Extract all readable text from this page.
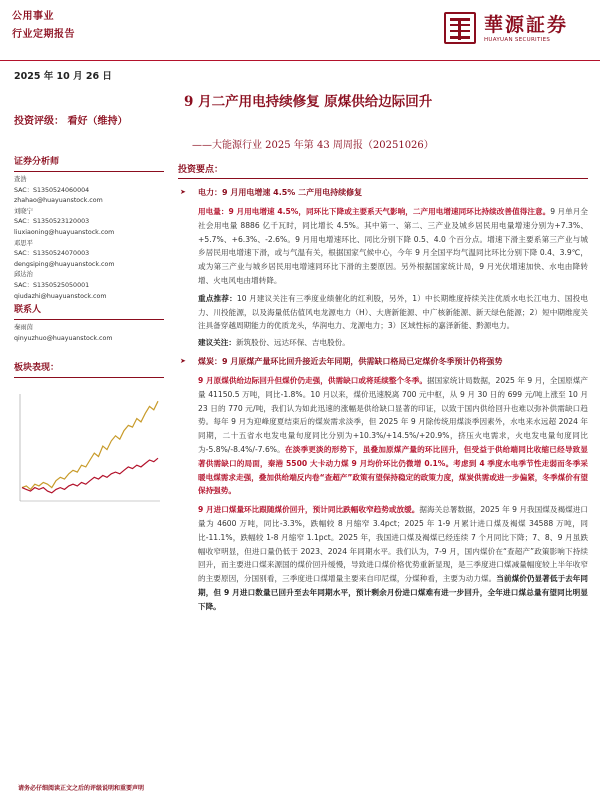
公用事业
行业定期报告	華源証券
HUAYUAN SECURITIES
2025 年 10 月 26 日
9 月二产用电持续修复 原煤供给边际回升
投资评级： 看好（维持）
——大能源行业 2025 年第 43 周周报（20251026）
证券分析师
查浩
SAC：S1350524060004
zhahao@huayuanstock.com
刘晓宁
SAC：S1350523120003
liuxiaoning@huayuanstock.com
邓思平
SAC：S1350524070003
dengsiping@huayuanstock.com
邱达治
SAC：S1350525050001
qiudazhi@huayuanstock.com
联系人
秦雨茵
qinyuzhuo@huayuanstock.com
板块表现：
投资要点：
➤ 电力：9 月用电增速 4.5% 二产用电持续修复
用电量：9 月用电增速 4.5%，同环比下降或主要系天气影响，二产用电增速同环比持续改善值得注意。9 月单月全社会用电量 8886 亿千瓦时，同比增长 4.5%。其中第一、第二、三产业及城乡居民用电量增速分别为+7.3%、+5.7%、+6.3%、-2.6%。9 月用电增速环比、同比分别下降 0.5、4.0 个百分点。增速下滑主要系第三产业与城乡居民用电增速下滑，或与气温有关，根据国家气候中心，今年 9 月全国平均气温同比环比分别下降 0.4、3.9℃，或为第三产业与城乡居民用电增速同环比下滑的主要原因。另外根据国家统计局，9 月光伏增速加快、水电由降转增、火电风电由增转降。
重点推荐：10 月建议关注有三季度业绩催化的红利股，另外，1）中长期维度持续关注优质水电长江电力、国投电力、川投能源，以及海量低估值风电龙源电力（H）、大唐新能源、中广核新能源、新天绿色能源；2）短中期维度关注具备穿越周期能力的优质龙头，华润电力、龙源电力；3）区域性标的嘉泽新能、黔源电力。
建议关注：新筑股份、远达环保、吉电股份。
➤ 煤炭：9 月原煤产量环比回升接近去年同期，供需缺口格局已定煤价冬季预计仍将强势
9 月原煤供给边际回升但煤价仍走强，供需缺口或将延续整个冬季。据国家统计局数据，2025 年 9 月，全国原煤产量 41150.5 万吨，同比-1.8%。10 月以来，煤价迅速脱离 700 元中枢，从 9 月 30 日的 699 元/吨上涨至 10 月 23 日的 770 元/吨，我们认为如此迅速的涨幅是供给缺口显著的印证，以致于国内供给回升也难以弥补供需缺口趋势。每年 9 月为迎峰度夏结束后的煤炭需求淡季，但 2025 年 9 月除传统用煤淡季因素外，水电来水远超 2024 年同期，二十五省水电发电量旬度同比分别为+10.3%/+14.5%/+20.9%，挤压火电需求，火电发电量旬度同比为-5.8%/-8.4%/-7.6%。在淡季更淡的形势下，虽叠加原煤产量的环比回升，但受益于供给端同比收缩已经导致显著供需缺口的局面，秦港 5500 大卡动力煤 9 月均价环比仍微增 0.1%。考虑到 4 季度水电季节性走弱而冬季采暖电煤需求走强，叠加供给端反内卷“查超产”政策有望保持稳定的政策力度，煤炭供需或进一步偏紧，冬季煤价有望保持强势。
9 月进口煤量环比跟随煤价回升，预计同比跌幅收窄趋势或放缓。据海关总署数据，2025 年 9 月我国煤及褐煤进口量为 4600 万吨，同比-3.3%，跌幅较 8 月缩窄 3.4pct；2025 年 1-9 月累计进口煤及褐煤 34588 万吨，同比-11.1%，跌幅较 1-8 月缩窄 1.1pct。2025 年，我国进口煤及褐煤已经连续 7 个月同比下降；7、8、9 月虽跌幅收窄明显，但进口量仍低于 2023、2024 年同期水平。我们认为，7-9 月，国内煤价在“查超产”政策影响下持续回升，而主要进口煤来源国的煤价回升缓慢，导致进口煤价格优势重新显现，是三季度进口煤减量幅度较上半年收窄的主要原因，分国别看，三季度进口煤增量主要来自印尼煤，分煤种看，主要为动力煤。当前煤价仍显著低于去年同期，但 9 月进口数量已回升至去年同期水平，预计剩余月份进口煤难有进一步回升，全年进口煤总量有望同比明显下降。
请务必仔细阅读正文之后的评级说明和重要声明
